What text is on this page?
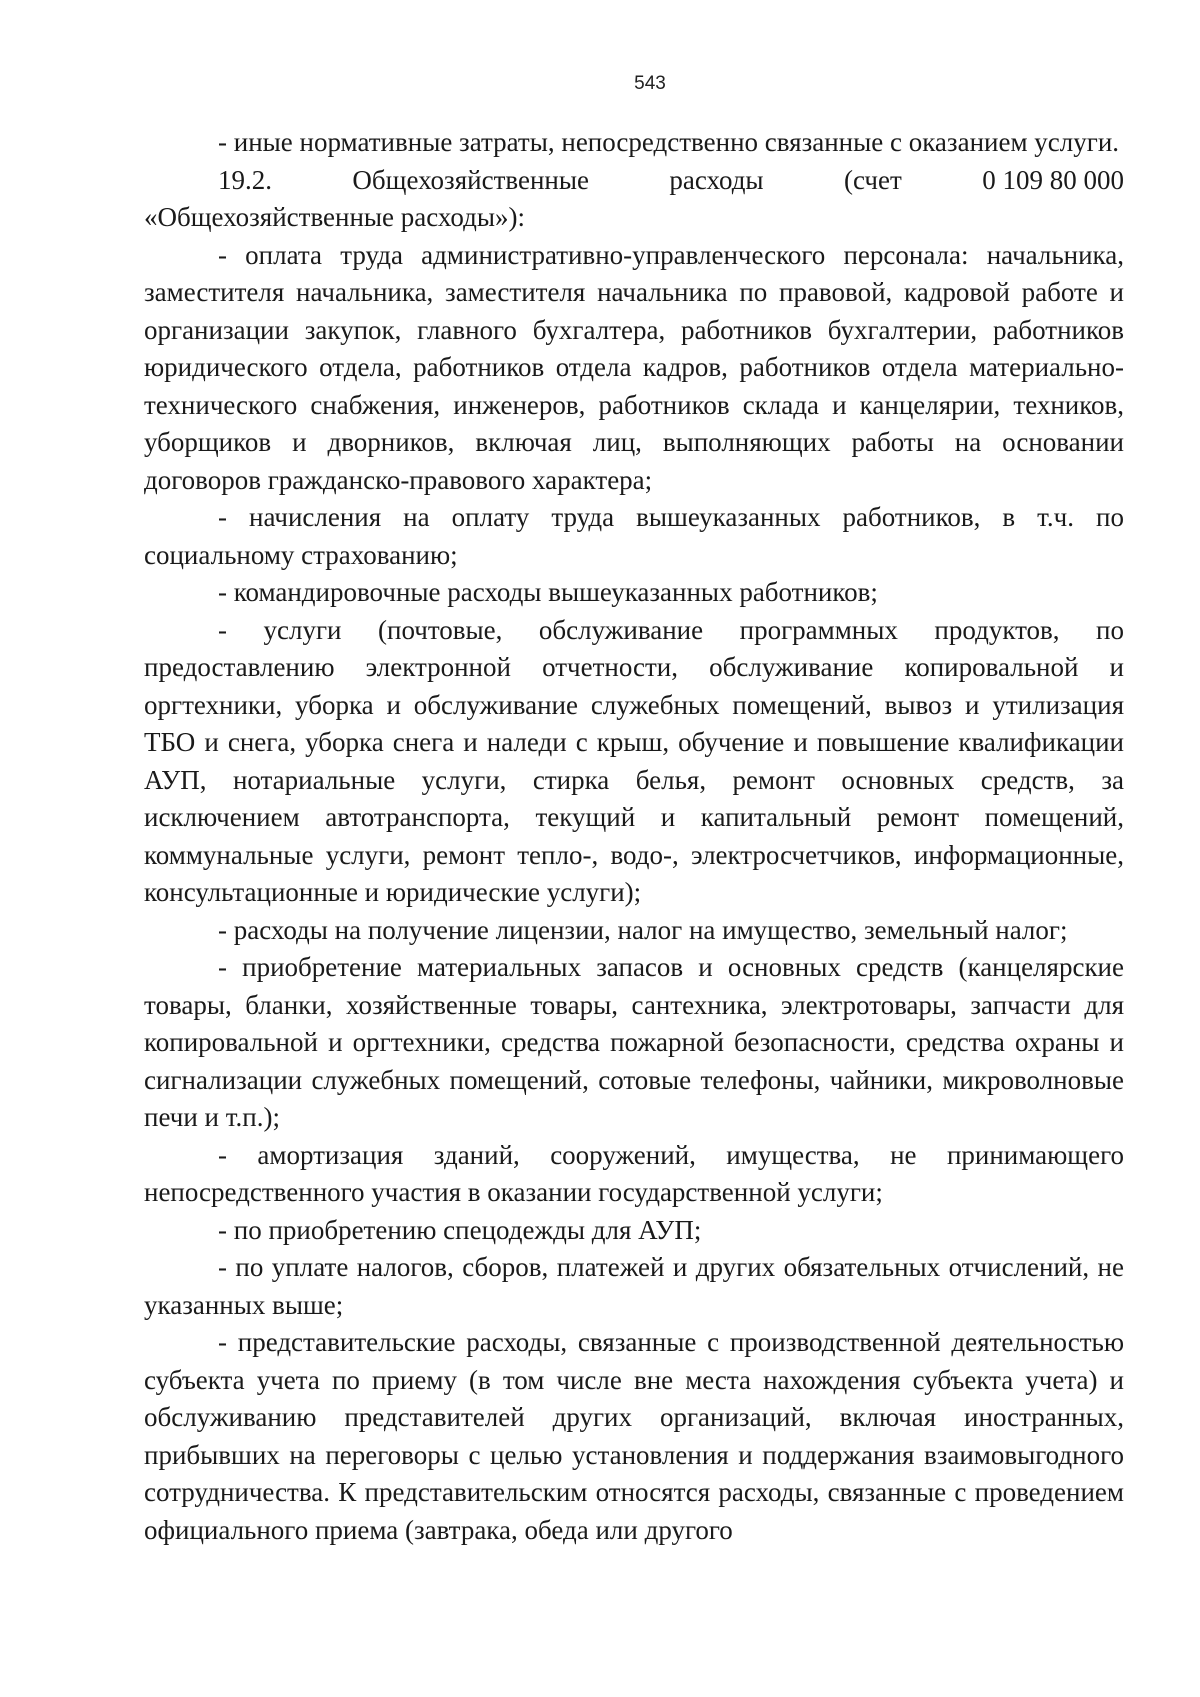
543

- иные нормативные затраты, непосредственно связанные с оказанием услуги.

19.2.	Общехозяйственные	расходы	(счет	0 109 80 000
«Общехозяйственные расходы»):

- оплата труда административно-управленческого персонала: начальника, заместителя начальника, заместителя начальника по правовой, кадровой работе и организации закупок, главного бухгалтера, работников бухгалтерии, работников юридического отдела, работников отдела кадров, работников отдела материально-технического снабжения, инженеров, работников склада и канцелярии, техников, уборщиков и дворников, включая лиц, выполняющих работы на основании договоров гражданско-правового характера;

- начисления на оплату труда вышеуказанных работников, в т.ч. по социальному страхованию;

- командировочные расходы вышеуказанных работников;

- услуги (почтовые, обслуживание программных продуктов, по предоставлению электронной отчетности, обслуживание копировальной и оргтехники, уборка и обслуживание служебных помещений, вывоз и утилизация ТБО и снега, уборка снега и наледи с крыш, обучение и повышение квалификации АУП, нотариальные услуги, стирка белья, ремонт основных средств, за исключением автотранспорта, текущий и капитальный ремонт помещений, коммунальные услуги, ремонт тепло-, водо-, электросчетчиков, информационные, консультационные и юридические услуги);

- расходы на получение лицензии, налог на имущество, земельный налог;

- приобретение материальных запасов и основных средств (канцелярские товары, бланки, хозяйственные товары, сантехника, электротовары, запчасти для копировальной и оргтехники, средства пожарной безопасности, средства охраны и сигнализации служебных помещений, сотовые телефоны, чайники, микроволновые печи и т.п.);

- амортизация зданий, сооружений, имущества, не принимающего непосредственного участия в оказании государственной услуги;

- по приобретению спецодежды для АУП;

- по уплате налогов, сборов, платежей и других обязательных отчислений, не указанных выше;

- представительские расходы, связанные с производственной деятельностью субъекта учета по приему (в том числе вне места нахождения субъекта учета) и обслуживанию представителей других организаций, включая иностранных, прибывших на переговоры с целью установления и поддержания взаимовыгодного сотрудничества. К представительским относятся расходы, связанные с проведением официального приема (завтрака, обеда или другого
